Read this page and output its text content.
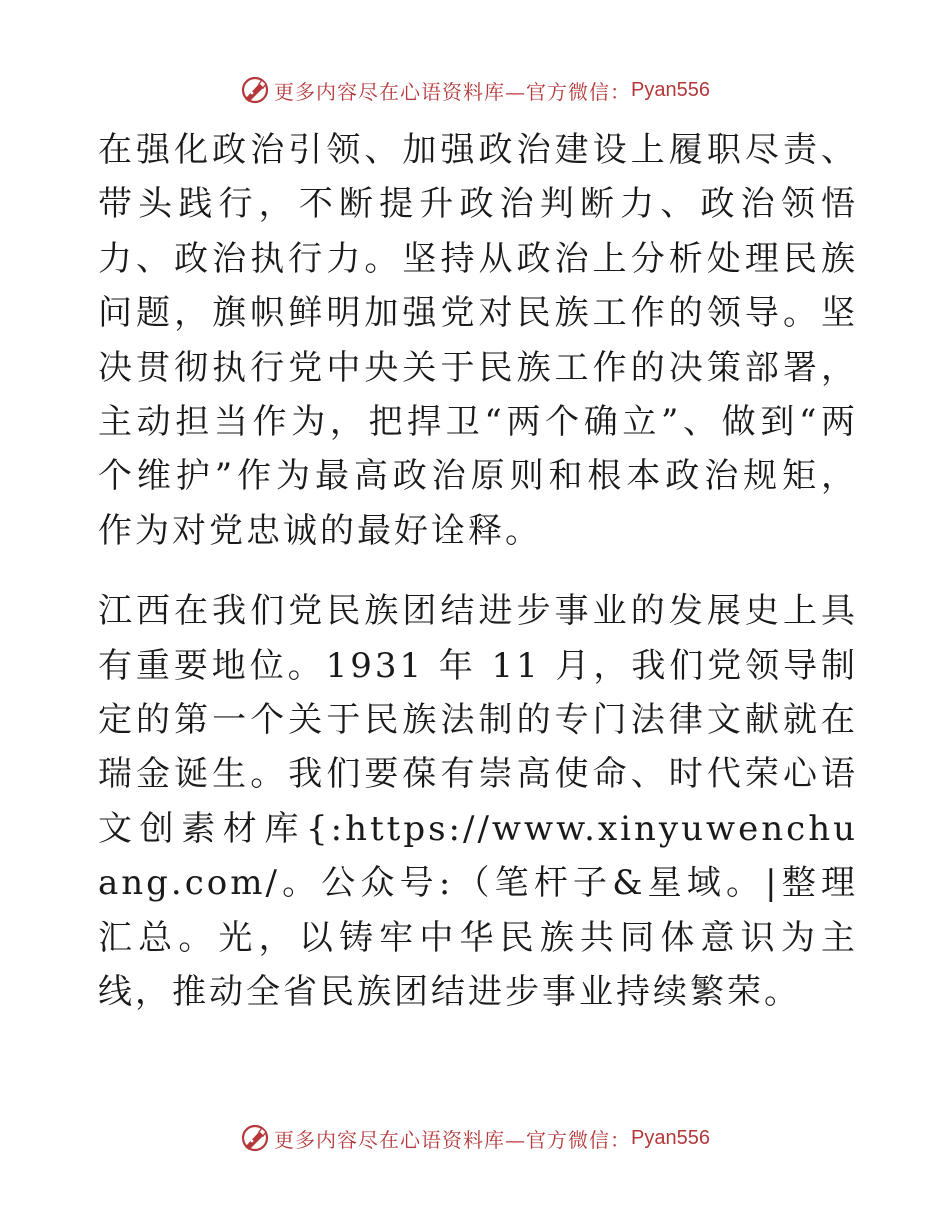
更多内容尽在心语资料库—官方微信： Pyan556

在强化政治引领、加强政治建设上履职尽责、带头践行，不断提升政治判断力、政治领悟力、政治执行力。坚持从政治上分析处理民族问题，旗帜鲜明加强党对民族工作的领导。坚决贯彻执行党中央关于民族工作的决策部署，主动担当作为，把捍卫“两个确立”、做到“两个维护”作为最高政治原则和根本政治规矩，作为对党忠诚的最好诠释。

江西在我们党民族团结进步事业的发展史上具有重要地位。1931 年 11 月，我们党领导制定的第一个关于民族法制的专门法律文献就在瑞金诞生。我们要葆有崇高使命、时代荣心语文创素材库{:https://www.xinyuwenchuang.com/。公众号:（笔杆子&星域。|整理汇总。光，以铸牢中华民族共同体意识为主线，推动全省民族团结进步事业持续繁荣。

更多内容尽在心语资料库—官方微信： Pyan556
